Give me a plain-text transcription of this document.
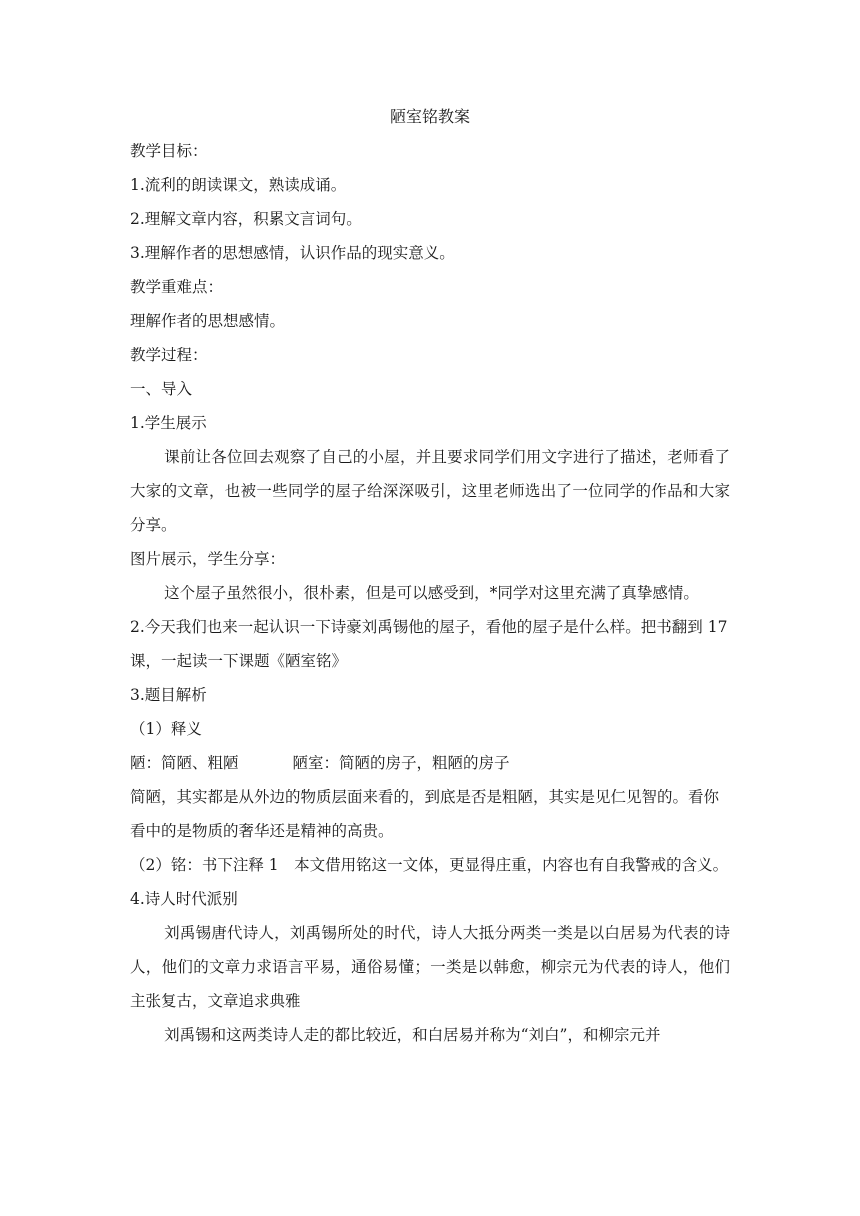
陋室铭教案

教学目标：

1.流利的朗读课文，熟读成诵。

2.理解文章内容，积累文言词句。

3.理解作者的思想感情，认识作品的现实意义。

教学重难点：

理解作者的思想感情。

教学过程：

一、导入

1.学生展示

课前让各位回去观察了自己的小屋，并且要求同学们用文字进行了描述，老师看了大家的文章，也被一些同学的屋子给深深吸引，这里老师选出了一位同学的作品和大家分享。

图片展示，学生分享：

这个屋子虽然很小，很朴素，但是可以感受到，*同学对这里充满了真挚感情。

2.今天我们也来一起认识一下诗豪刘禹锡他的屋子，看他的屋子是什么样。把书翻到 17 课，一起读一下课题《陋室铭》

3.题目解析

（1）释义

陋：简陋、粗陋	陋室：简陋的房子，粗陋的房子

简陋，其实都是从外边的物质层面来看的，到底是否是粗陋，其实是见仁见智的。看你看中的是物质的奢华还是精神的高贵。

（2）铭：书下注释 1　本文借用铭这一文体，更显得庄重，内容也有自我警戒的含义。

4.诗人时代派别

刘禹锡唐代诗人，刘禹锡所处的时代，诗人大抵分两类一类是以白居易为代表的诗人，他们的文章力求语言平易，通俗易懂；一类是以韩愈，柳宗元为代表的诗人，他们主张复古，文章追求典雅

刘禹锡和这两类诗人走的都比较近，和白居易并称为“刘白”，和柳宗元并
